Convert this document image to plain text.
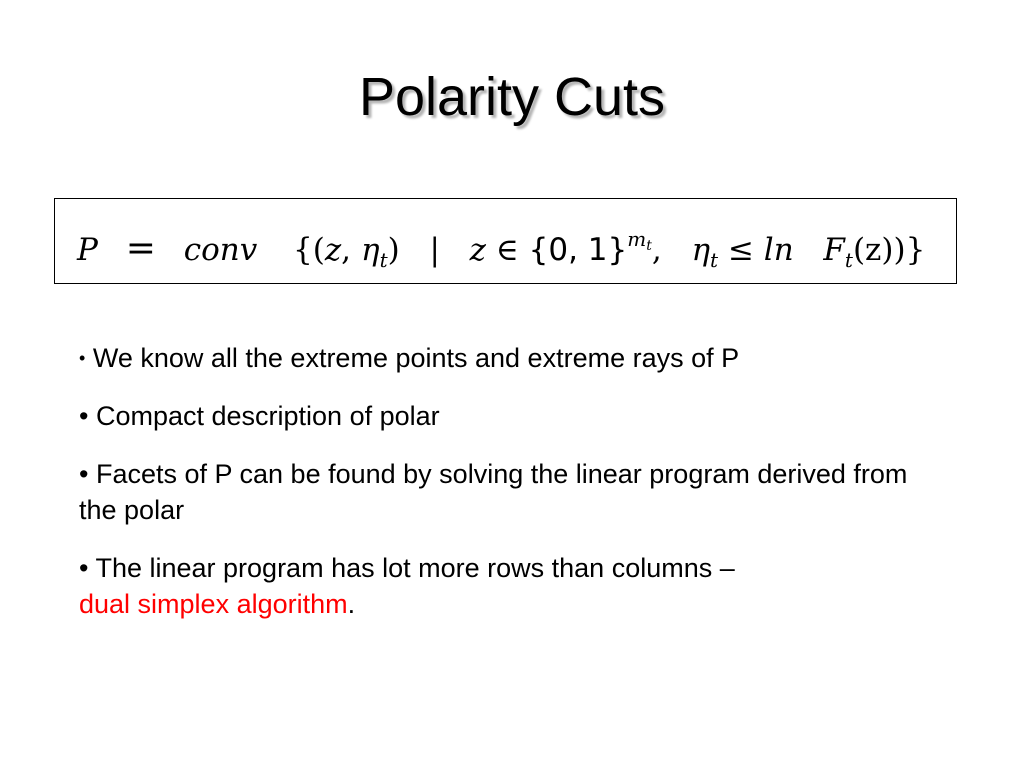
Polarity Cuts
P = conv {(z, $\eta_t$) | z ∈ {0, 1}$^{m_t}$, $\eta_t \le \ln F_t(z)$)}
• We know all the extreme points and extreme rays of P
• Compact description of polar
• Facets of P can be found by solving the linear program derived from the polar
• The linear program has lot more rows than columns –
dual simplex algorithm.
